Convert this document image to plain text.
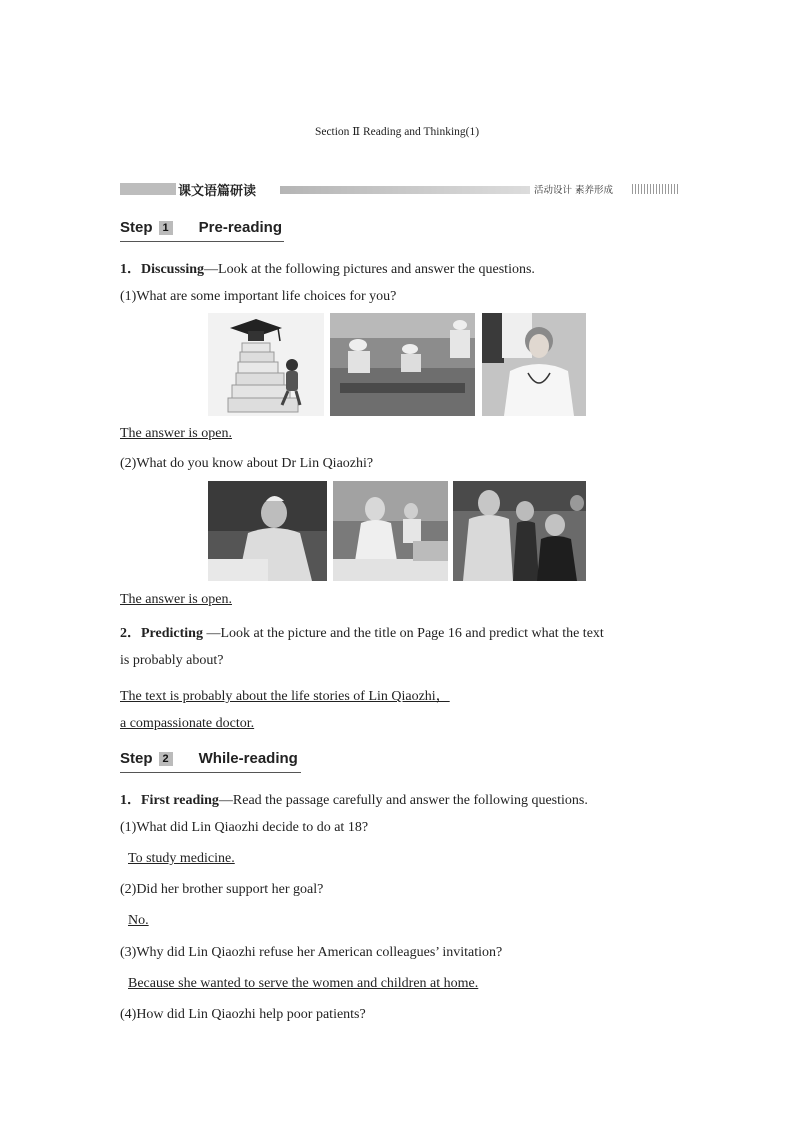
Section Ⅱ Reading and Thinking(1)
课文语篇研读	活动设计 素养形成
Step 1 Pre-reading
1．Discussing—Look at the following pictures and answer the questions.
(1)What are some important life choices for you?
The answer is open.
(2)What do you know about Dr Lin Qiaozhi?
The answer is open.
2．Predicting —Look at the picture and the title on Page 16 and predict what the text
is probably about?
The text is probably about the life stories of Lin Qiaozhi，
a compassionate doctor.
Step 2 While-reading
1．First reading—Read the passage carefully and answer the following questions.
(1)What did Lin Qiaozhi decide to do at 18?
To study medicine.
(2)Did her brother support her goal?
No.
(3)Why did Lin Qiaozhi refuse her American colleagues’ invitation?
Because she wanted to serve the women and children at home.
(4)How did Lin Qiaozhi help poor patients?
